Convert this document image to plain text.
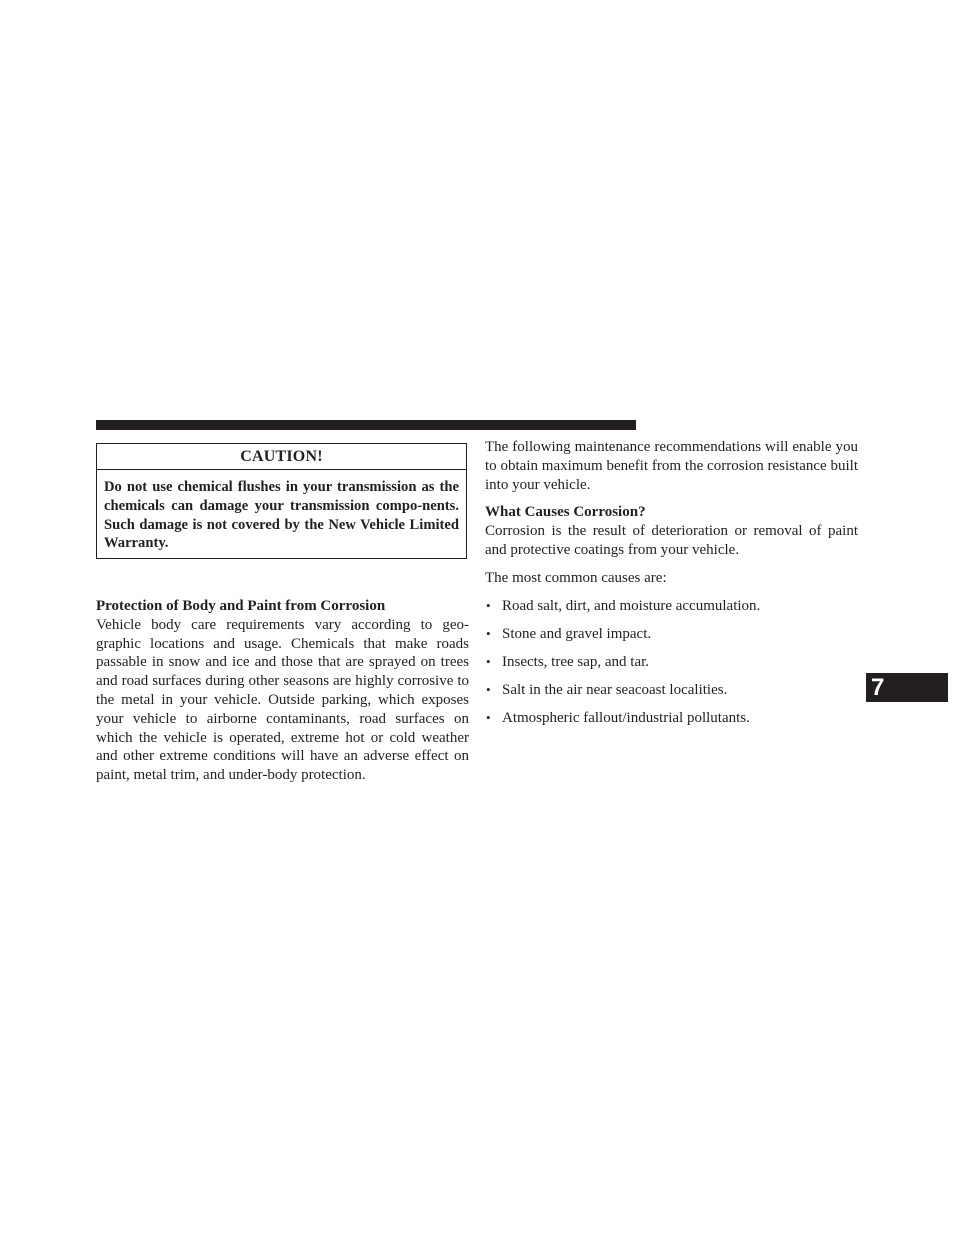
CAUTION!
Do not use chemical flushes in your transmission as the chemicals can damage your transmission compo-nents. Such damage is not covered by the New Vehicle Limited Warranty.

Protection of Body and Paint from Corrosion

Vehicle body care requirements vary according to geo-graphic locations and usage. Chemicals that make roads passable in snow and ice and those that are sprayed on trees and road surfaces during other seasons are highly corrosive to the metal in your vehicle. Outside parking, which exposes your vehicle to airborne contaminants, road surfaces on which the vehicle is operated, extreme hot or cold weather and other extreme conditions will have an adverse effect on paint, metal trim, and under-body protection.

The following maintenance recommendations will enable you to obtain maximum benefit from the corrosion resistance built into your vehicle.

What Causes Corrosion?

Corrosion is the result of deterioration or removal of paint and protective coatings from your vehicle.

The most common causes are:

• Road salt, dirt, and moisture accumulation.
• Stone and gravel impact.
• Insects, tree sap, and tar.
• Salt in the air near seacoast localities.
• Atmospheric fallout/industrial pollutants.
7
